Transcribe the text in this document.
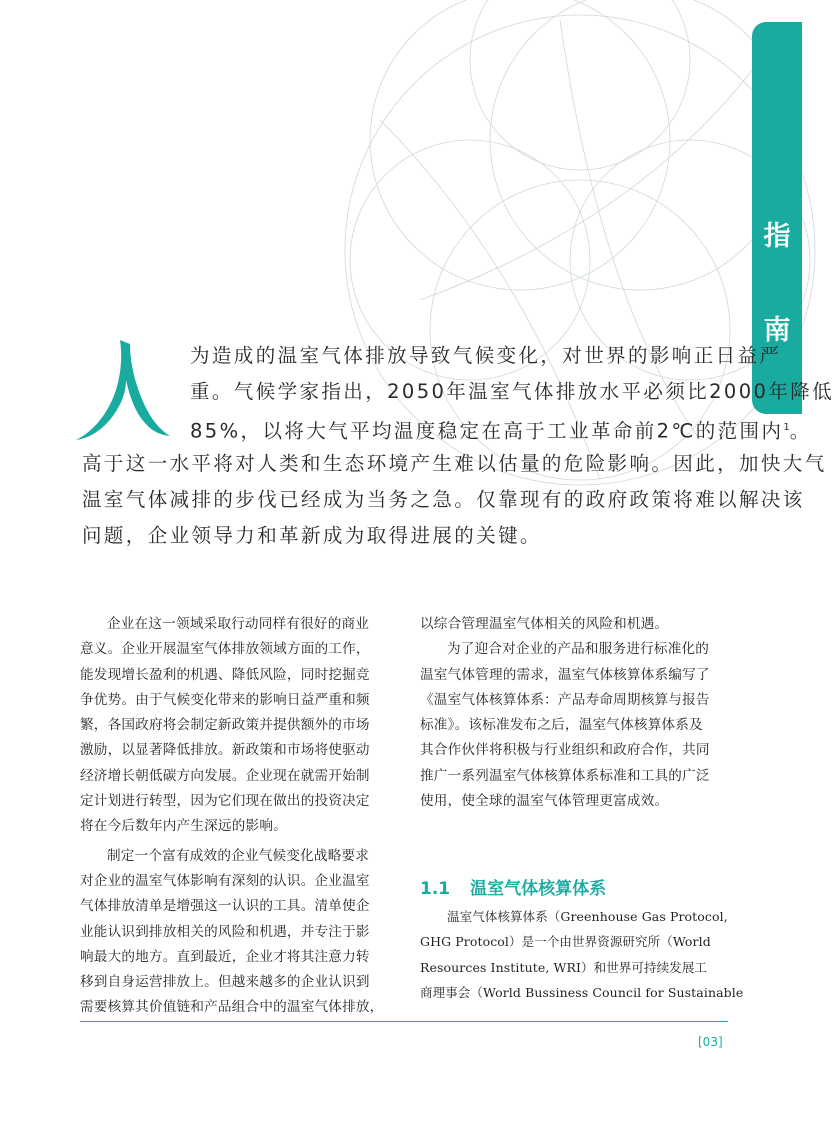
指
南
为造成的温室气体排放导致气候变化，对世界的影响正日益严
重。气候学家指出，2050年温室气体排放水平必须比2000年降低
85%，以将大气平均温度稳定在高于工业革命前2℃的范围内$^1$。
高于这一水平将对人类和生态环境产生难以估量的危险影响。因此，加快大气
温室气体减排的步伐已经成为当务之急。仅靠现有的政府政策将难以解决该
问题，企业领导力和革新成为取得进展的关键。
企业在这一领域采取行动同样有很好的商业
意义。企业开展温室气体排放领域方面的工作，
能发现增长盈利的机遇、降低风险，同时挖掘竞
争优势。由于气候变化带来的影响日益严重和频
繁，各国政府将会制定新政策并提供额外的市场
激励，以显著降低排放。新政策和市场将使驱动
经济增长朝低碳方向发展。企业现在就需开始制
定计划进行转型，因为它们现在做出的投资决定
将在今后数年内产生深远的影响。
制定一个富有成效的企业气候变化战略要求
对企业的温室气体影响有深刻的认识。企业温室
气体排放清单是增强这一认识的工具。清单使企
业能认识到排放相关的风险和机遇，并专注于影
响最大的地方。直到最近，企业才将其注意力转
移到自身运营排放上。但越来越多的企业认识到
需要核算其价值链和产品组合中的温室气体排放，
以综合管理温室气体相关的风险和机遇。
为了迎合对企业的产品和服务进行标准化的
温室气体管理的需求，温室气体核算体系编写了
《温室气体核算体系：产品寿命周期核算与报告
标准》。该标准发布之后，温室气体核算体系及
其合作伙伴将积极与行业组织和政府合作，共同
推广一系列温室气体核算体系标准和工具的广泛
使用，使全球的温室气体管理更富成效。
1.1 温室气体核算体系
温室气体核算体系（Greenhouse Gas Protocol,
GHG Protocol）是一个由世界资源研究所（World
Resources Institute, WRI）和世界可持续发展工
商理事会（World Bussiness Council for Sustainable
[03]
